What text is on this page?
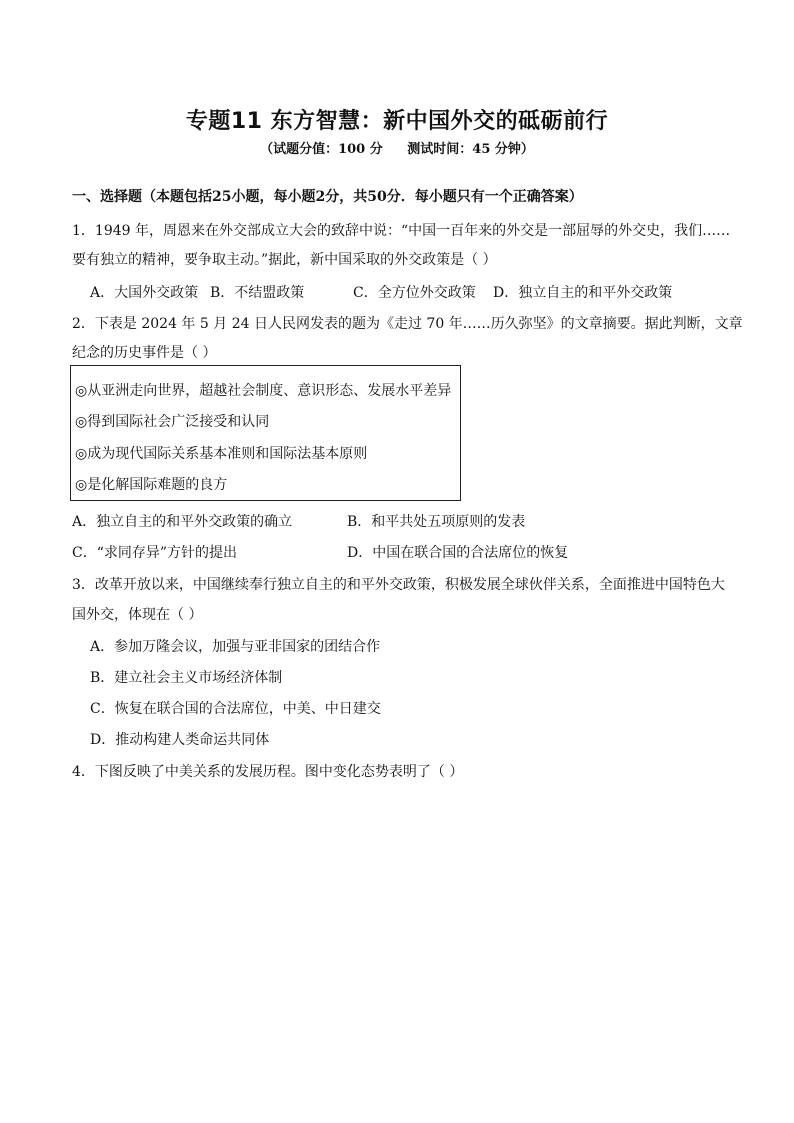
专题11 东方智慧：新中国外交的砥砺前行
（试题分值：100 分 测试时间：45 分钟）
一、选择题（本题包括25小题，每小题2分，共50分．每小题只有一个正确答案）
1．1949 年，周恩来在外交部成立大会的致辞中说：“中国一百年来的外交是一部屈辱的外交史，我们……
要有独立的精神，要争取主动。”据此，新中国采取的外交政策是（ ）
A．大国外交政策 B．不结盟政策	C．全方位外交政策 D．独立自主的和平外交政策
2．下表是 2024 年 5 月 24 日人民网发表的题为《走过 70 年……历久弥坚》的文章摘要。据此判断，文章
纪念的历史事件是（ ）
◎从亚洲走向世界，超越社会制度、意识形态、发展水平差异
◎得到国际社会广泛接受和认同
◎成为现代国际关系基本准则和国际法基本原则
◎是化解国际难题的良方
A．独立自主的和平外交政策的确立	B．和平共处五项原则的发表
C．“求同存异”方针的提出	D．中国在联合国的合法席位的恢复
3．改革开放以来，中国继续奉行独立自主的和平外交政策，积极发展全球伙伴关系，全面推进中国特色大
国外交，体现在（ ）
A．参加万隆会议，加强与亚非国家的团结合作
B．建立社会主义市场经济体制
C．恢复在联合国的合法席位，中美、中日建交
D．推动构建人类命运共同体
4．下图反映了中美关系的发展历程。图中变化态势表明了（ ）
